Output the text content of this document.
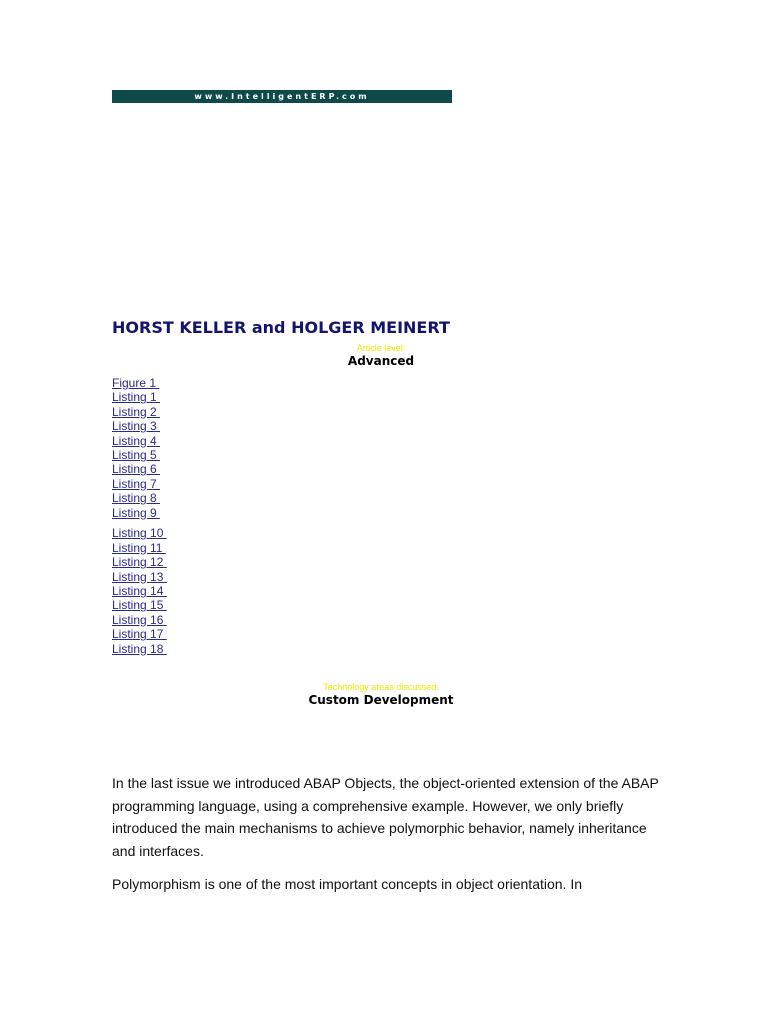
www.IntelligentERP.com
HORST KELLER and HOLGER MEINERT
Article level:
Advanced
Figure 1
Listing 1
Listing 2
Listing 3
Listing 4
Listing 5
Listing 6
Listing 7
Listing 8
Listing 9
Listing 10
Listing 11
Listing 12
Listing 13
Listing 14
Listing 15
Listing 16
Listing 17
Listing 18
Technology areas discussed:
Custom Development

In the last issue we introduced ABAP Objects, the object-oriented extension of the ABAP programming language, using a comprehensive example. However, we only briefly introduced the main mechanisms to achieve polymorphic behavior, namely inheritance and interfaces.

Polymorphism is one of the most important concepts in object orientation. In
